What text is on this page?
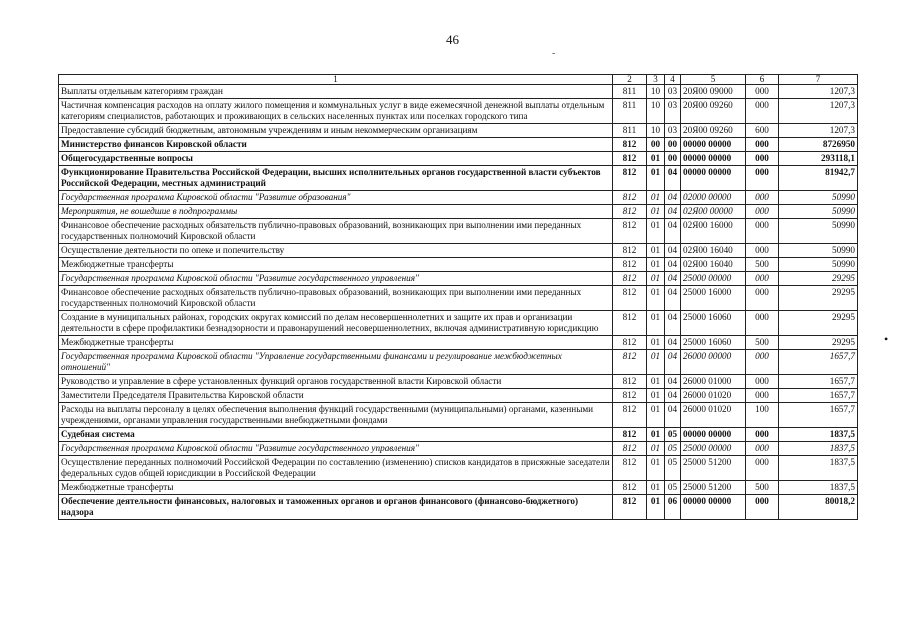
46
-
•
1	2	3	4	5	6	7
Выплаты отдельным категориям граждан	811	10	03	20Я00 09000	000	1207,3
Частичная компенсация расходов на оплату жилого помещения и коммунальных услуг в виде ежемесячной денежной выплаты отдельным категориям специалистов, работающих и проживающих в сельских населенных пунктах или поселках городского типа	811	10	03	20Я00 09260	000	1207,3
Предоставление субсидий бюджетным, автономным учреждениям и иным некоммерческим организациям	811	10	03	20Я00 09260	600	1207,3
Министерство финансов Кировской области	812	00	00	00000 00000	000	8726950
Общегосударственные вопросы	812	01	00	00000 00000	000	293118,1
Функционирование Правительства Российской Федерации, высших исполнительных органов государственной власти субъектов Российской Федерации, местных администраций	812	01	04	00000 00000	000	81942,7
Государственная программа Кировской области "Развитие образования"	812	01	04	02000 00000	000	50990
Мероприятия, не вошедшие в подпрограммы	812	01	04	02Я00 00000	000	50990
Финансовое обеспечение расходных обязательств публично-правовых образований, возникающих при выполнении ими переданных государственных полномочий Кировской области	812	01	04	02Я00 16000	000	50990
Осуществление деятельности по опеке и попечительству	812	01	04	02Я00 16040	000	50990
Межбюджетные трансферты	812	01	04	02Я00 16040	500	50990
Государственная программа Кировской области "Развитие государственного управления"	812	01	04	25000 00000	000	29295
Финансовое обеспечение расходных обязательств публично-правовых образований, возникающих при выполнении ими переданных государственных полномочий Кировской области	812	01	04	25000 16000	000	29295
Создание в муниципальных районах, городских округах комиссий по делам несовершеннолетних и защите их прав и организации деятельности в сфере профилактики безнадзорности и правонарушений несовершеннолетних, включая административную юрисдикцию	812	01	04	25000 16060	000	29295
Межбюджетные трансферты	812	01	04	25000 16060	500	29295
Государственная программа Кировской области "Управление государственными финансами и регулирование межбюджетных отношений"	812	01	04	26000 00000	000	1657,7
Руководство и управление в сфере установленных функций органов государственной власти Кировской области	812	01	04	26000 01000	000	1657,7
Заместители Председателя Правительства Кировской области	812	01	04	26000 01020	000	1657,7
Расходы на выплаты персоналу в целях обеспечения выполнения функций государственными (муниципальными) органами, казенными учреждениями, органами управления государственными внебюджетными фондами	812	01	04	26000 01020	100	1657,7
Судебная система	812	01	05	00000 00000	000	1837,5
Государственная программа Кировской области "Развитие государственного управления"	812	01	05	25000 00000	000	1837,5
Осуществление переданных полномочий Российской Федерации по составлению (изменению) списков кандидатов в присяжные заседатели федеральных судов общей юрисдикции в Российской Федерации	812	01	05	25000 51200	000	1837,5
Межбюджетные трансферты	812	01	05	25000 51200	500	1837,5
Обеспечение деятельности финансовых, налоговых и таможенных органов и органов финансового (финансово-бюджетного) надзора	812	01	06	00000 00000	000	80018,2
